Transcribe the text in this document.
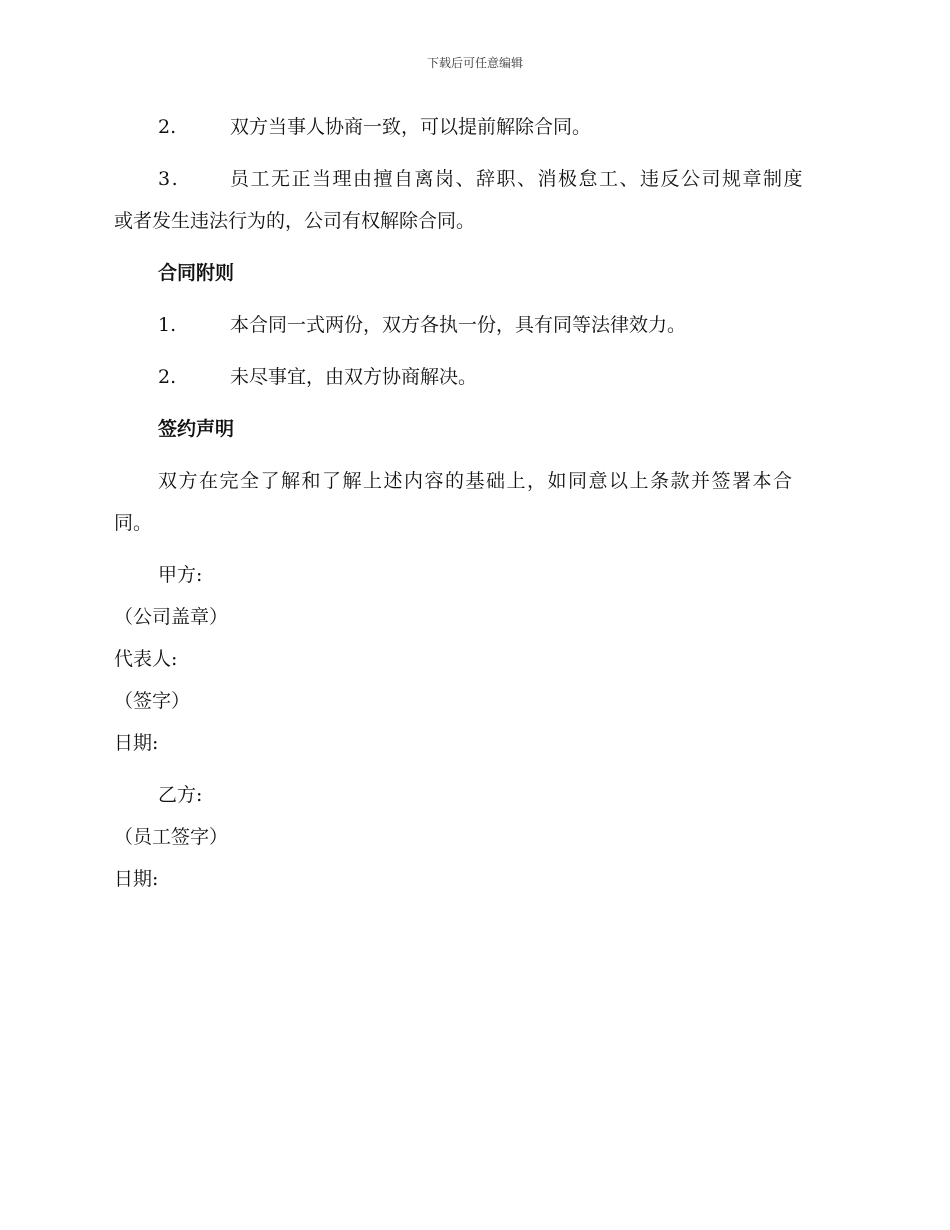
下载后可任意编辑
2.	双方当事人协商一致，可以提前解除合同。
3.	员工无正当理由擅自离岗、辞职、消极怠工、违反公司规章制度
或者发生违法行为的，公司有权解除合同。
合同附则
1.	本合同一式两份，双方各执一份，具有同等法律效力。
2.	未尽事宜，由双方协商解决。
签约声明
双方在完全了解和了解上述内容的基础上，如同意以上条款并签署本合
同。
甲方:
（公司盖章）
代表人:
（签字）
日期:
乙方:
（员工签字）
日期:
